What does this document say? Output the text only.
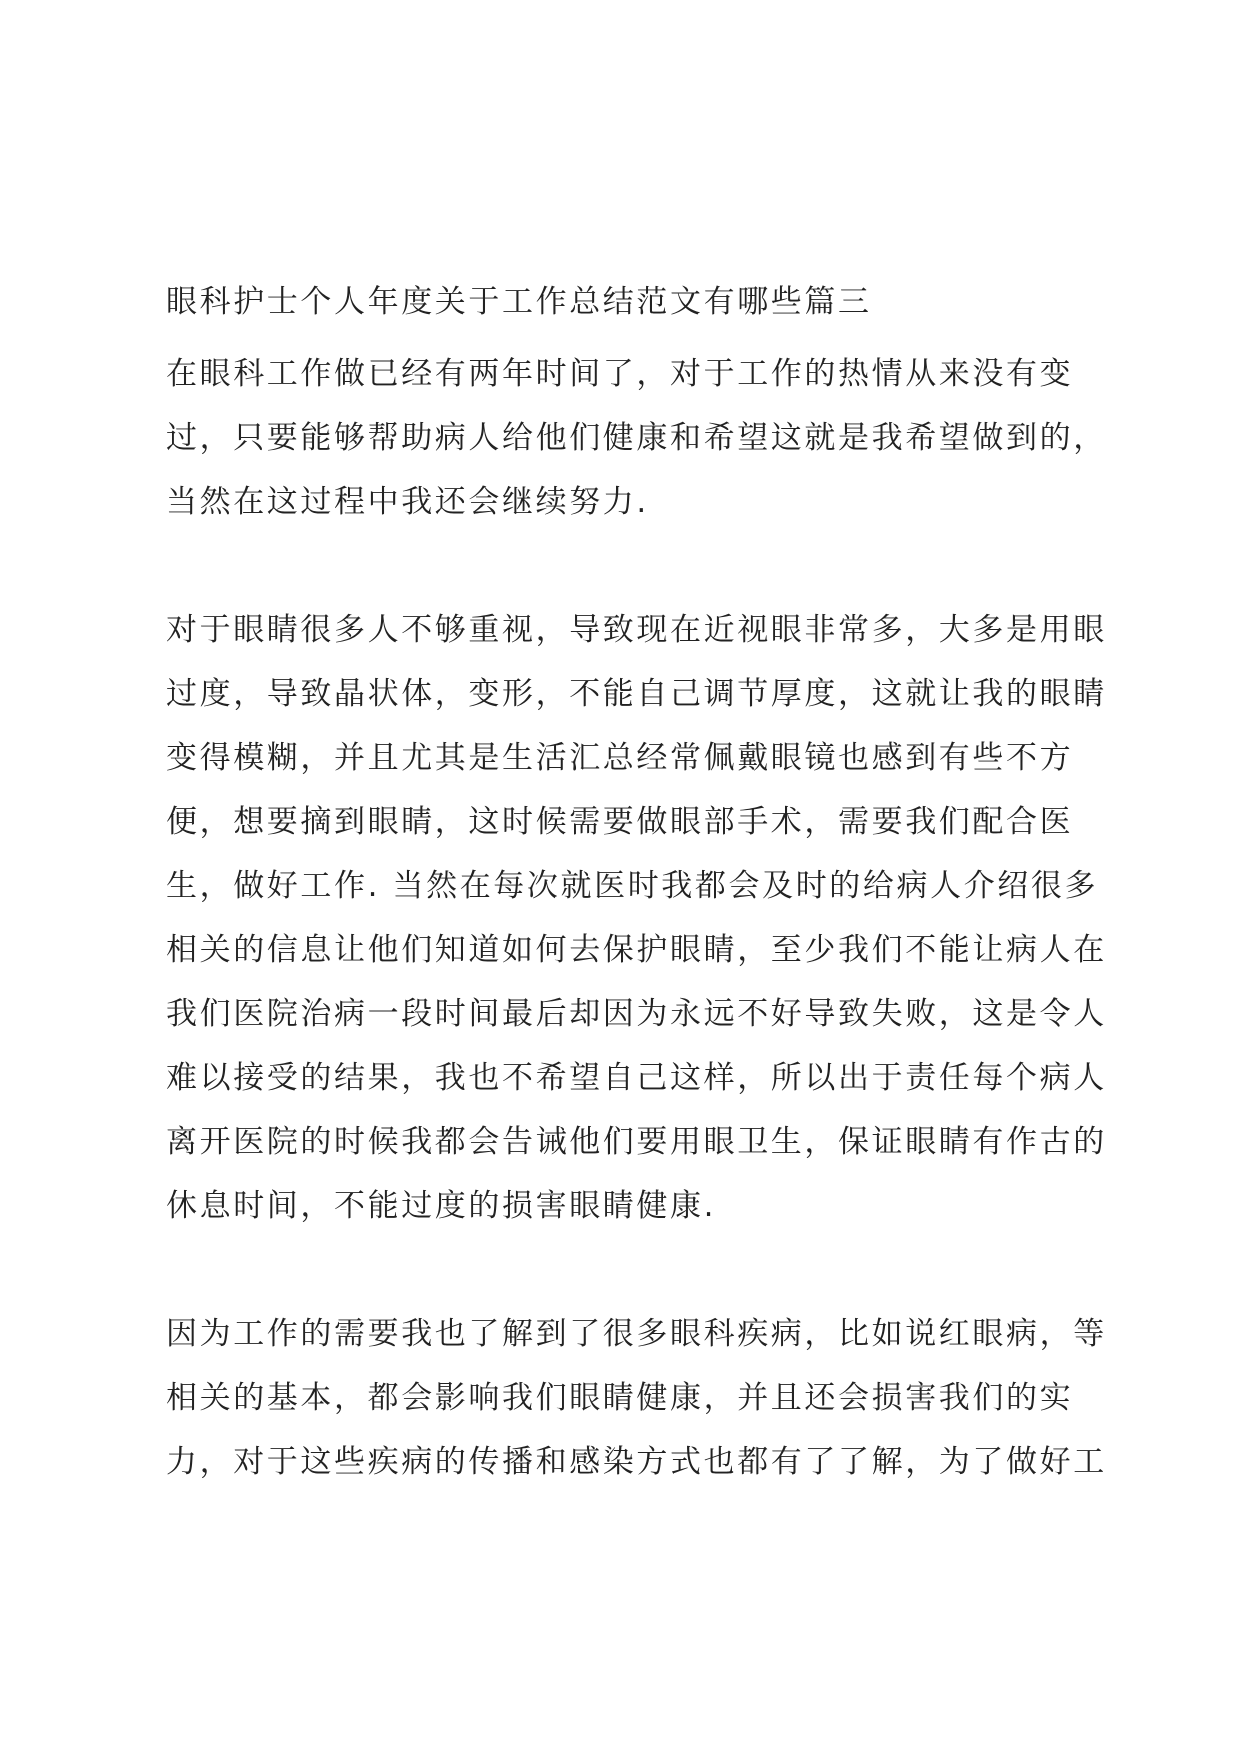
眼科护士个人年度关于工作总结范文有哪些篇三

在眼科工作做已经有两年时间了，对于工作的热情从来没有变

过，只要能够帮助病人给他们健康和希望这就是我希望做到的，

当然在这过程中我还会继续努力.

对于眼睛很多人不够重视，导致现在近视眼非常多，大多是用眼

过度，导致晶状体，变形，不能自己调节厚度，这就让我的眼睛

变得模糊，并且尤其是生活汇总经常佩戴眼镜也感到有些不方

便，想要摘到眼睛，这时候需要做眼部手术，需要我们配合医

生，做好工作. 当然在每次就医时我都会及时的给病人介绍很多

相关的信息让他们知道如何去保护眼睛，至少我们不能让病人在

我们医院治病一段时间最后却因为永远不好导致失败，这是令人

难以接受的结果，我也不希望自己这样，所以出于责任每个病人

离开医院的时候我都会告诫他们要用眼卫生，保证眼睛有作古的

休息时间，不能过度的损害眼睛健康.

因为工作的需要我也了解到了很多眼科疾病，比如说红眼病，等

相关的基本，都会影响我们眼睛健康，并且还会损害我们的实

力，对于这些疾病的传播和感染方式也都有了了解，为了做好工
